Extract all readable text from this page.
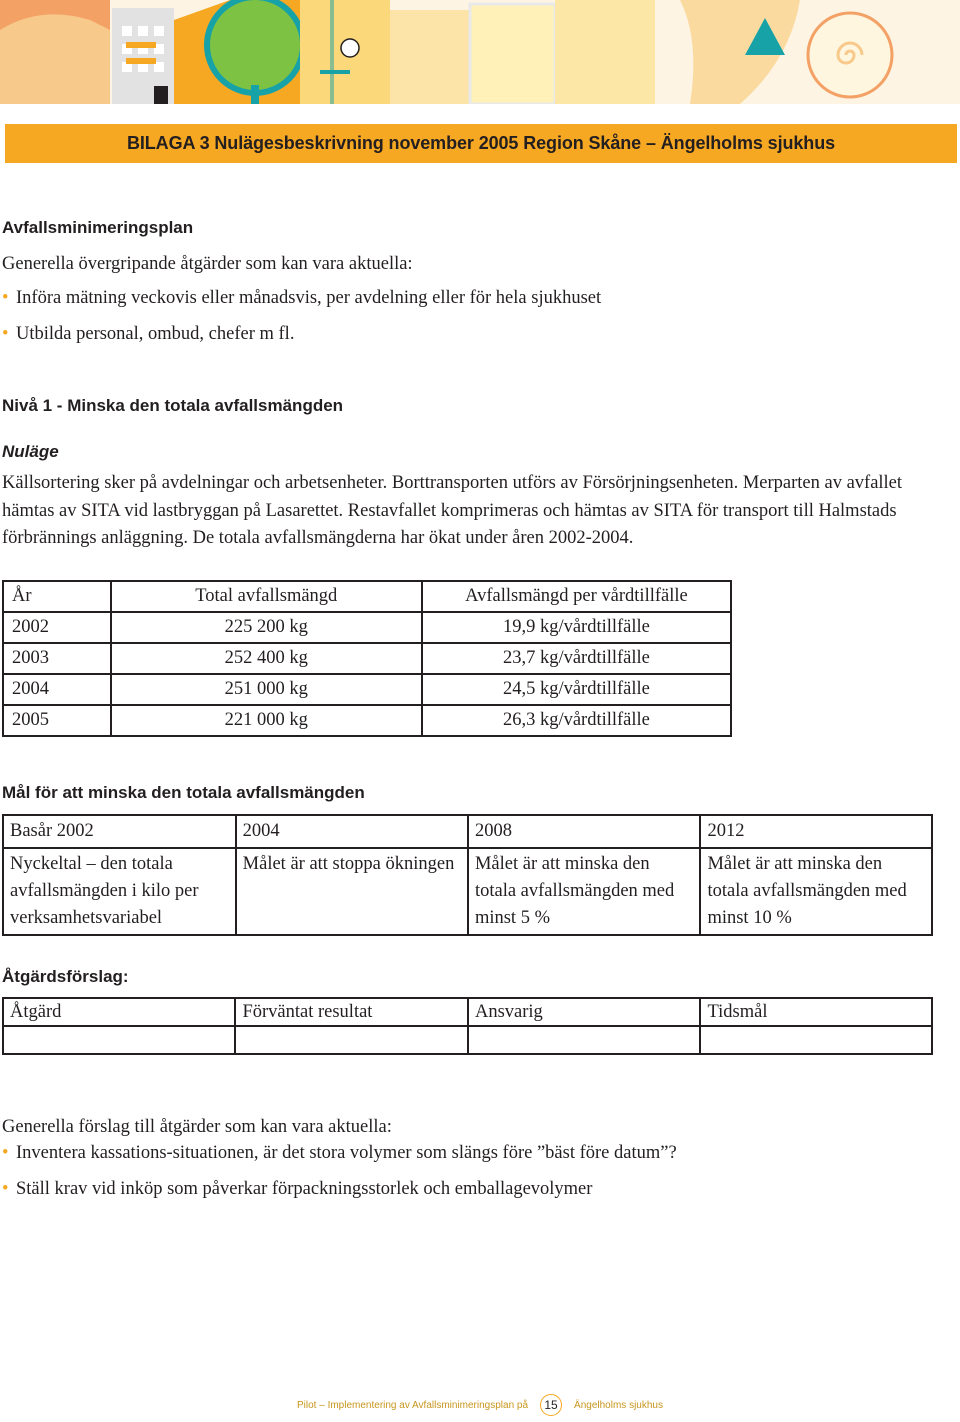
BILAGA 3 Nulägesbeskrivning november 2005 Region Skåne – Ängelholms sjukhus
Avfallsminimeringsplan
Generella övergripande åtgärder som kan vara aktuella:
• Införa mätning veckovis eller månadsvis, per avdelning eller för hela sjukhuset
• Utbilda personal, ombud, chefer m fl.
Nivå 1 - Minska den totala avfallsmängden
Nuläge
Källsortering sker på avdelningar och arbetsenheter. Borttransporten utförs av Försörjningsenheten. Merparten av avfallet hämtas av SITA vid lastbryggan på Lasarettet. Restavfallet komprimeras och hämtas av SITA för transport till Halmstads förbrännings anläggning. De totala avfallsmängderna har ökat under åren 2002-2004.
År	Total avfallsmängd	Avfallsmängd per vårdtillfälle
2002	225 200 kg	19,9 kg/vårdtillfälle
2003	252 400 kg	23,7 kg/vårdtillfälle
2004	251 000 kg	24,5 kg/vårdtillfälle
2005	221 000 kg	26,3 kg/vårdtillfälle
Mål för att minska den totala avfallsmängden
Basår 2002	2004	2008	2012
Nyckeltal – den totala avfallsmängden i kilo per verksamhetsvariabel	Målet är att stoppa ökningen	Målet är att minska den totala avfallsmängden med minst 5 %	Målet är att minska den totala avfallsmängden med minst 10 %
Åtgärdsförslag:
Åtgärd	Förväntat resultat	Ansvarig	Tidsmål

Generella förslag till åtgärder som kan vara aktuella:
• Inventera kassations-situationen, är det stora volymer som slängs före ”bäst före datum”?
• Ställ krav vid inköp som påverkar förpackningsstorlek och emballagevolymer
Pilot – Implementering av Avfallsminimeringsplan på	15	Ängelholms sjukhus
